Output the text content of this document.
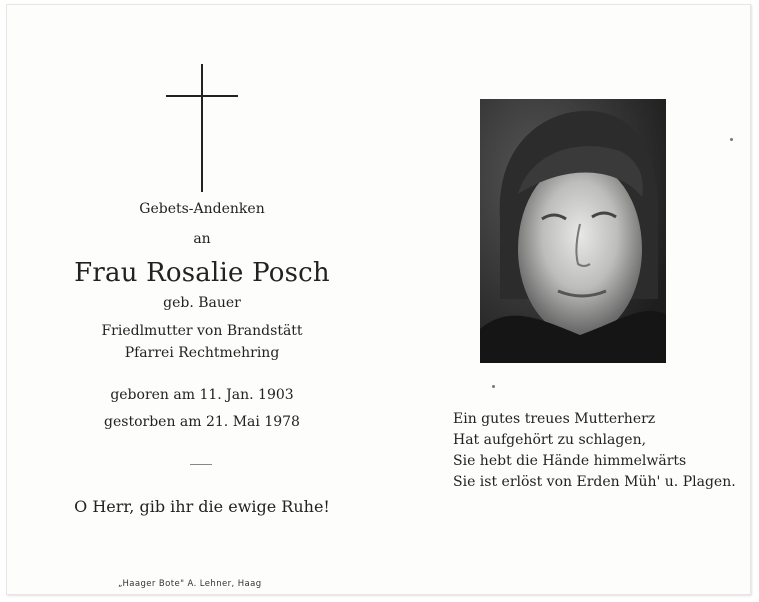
Gebets-Andenken
an
Frau Rosalie Posch
geb. Bauer
Friedlmutter von Brandstätt
Pfarrei Rechtmehring
geboren am 11. Jan. 1903
gestorben am 21. Mai 1978
O Herr, gib ihr die ewige Ruhe!
„Haager Bote" A. Lehner, Haag
Ein gutes treues Mutterherz
Hat aufgehört zu schlagen,
Sie hebt die Hände himmelwärts
Sie ist erlöst von Erden Müh' u. Plagen.
